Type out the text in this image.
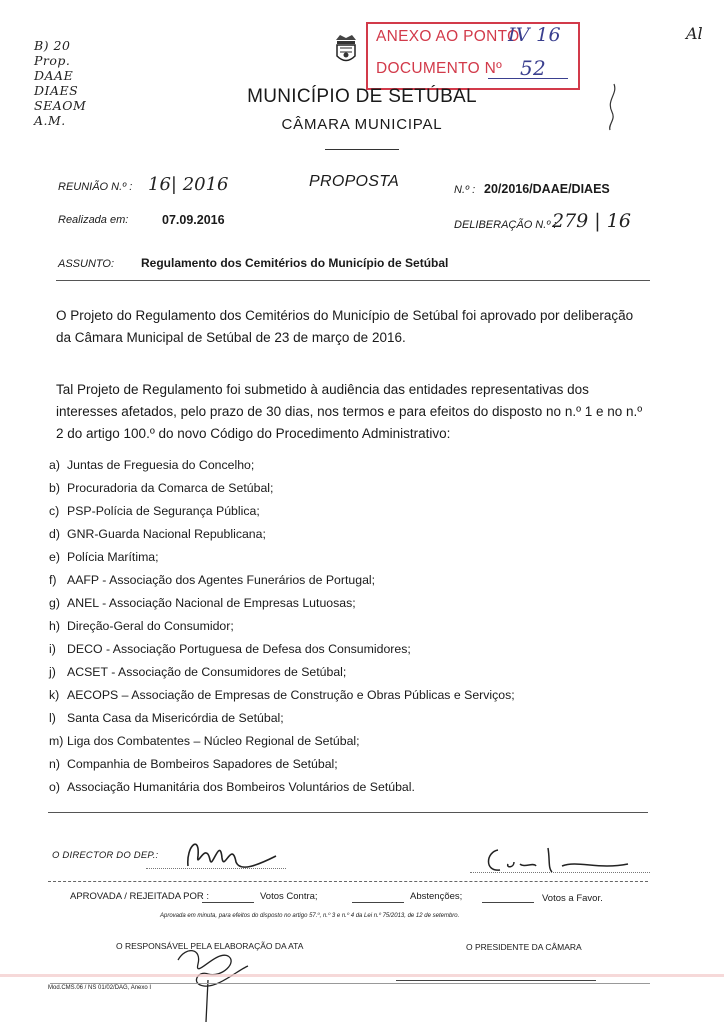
B) 20
Prop.
DAAE
DIAES
SEAOM
A.M.
Al
ANEXO AO PONTO
IV 16
DOCUMENTO Nº 52
MUNICÍPIO DE SETÚBAL
CÂMARA MUNICIPAL
REUNIÃO N.º : 16| 2016	PROPOSTA	N.º : 20/2016/DAAE/DIAES
Realizada em:	07.09.2016	DELIBERAÇÃO N.º :
279 | 16
ASSUNTO: Regulamento dos Cemitérios do Município de Setúbal
O Projeto do Regulamento dos Cemitérios do Município de Setúbal foi aprovado por deliberação da Câmara Municipal de Setúbal de 23 de março de 2016.
Tal Projeto de Regulamento foi submetido à audiência das entidades representativas dos interesses afetados, pelo prazo de 30 dias, nos termos e para efeitos do disposto no n.º 1 e no n.º 2 do artigo 100.º do novo Código do Procedimento Administrativo:
a) Juntas de Freguesia do Concelho;
b) Procuradoria da Comarca de Setúbal;
c) PSP-Polícia de Segurança Pública;
d) GNR-Guarda Nacional Republicana;
e) Polícia Marítima;
f) AAFP - Associação dos Agentes Funerários de Portugal;
g) ANEL - Associação Nacional de Empresas Lutuosas;
h) Direção-Geral do Consumidor;
i) DECO - Associação Portuguesa de Defesa dos Consumidores;
j) ACSET - Associação de Consumidores de Setúbal;
k) AECOPS – Associação de Empresas de Construção e Obras Públicas e Serviços;
l) Santa Casa da Misericórdia de Setúbal;
m) Liga dos Combatentes – Núcleo Regional de Setúbal;
n) Companhia de Bombeiros Sapadores de Setúbal;
o) Associação Humanitária dos Bombeiros Voluntários de Setúbal.
O DIRECTOR DO DEP.:
APROVADA / REJEITADA POR :	Votos Contra;	Abstenções;	Votos a Favor.
Aprovada em minuta, para efeitos do disposto no artigo 57.º, n.º 3 e n.º 4 da Lei n.º 75/2013, de 12 de setembro.
O RESPONSÁVEL PELA ELABORAÇÃO DA ATA	O PRESIDENTE DA CÂMARA
Mod.CMS.06 / NS 01/02/DAG, Anexo I
